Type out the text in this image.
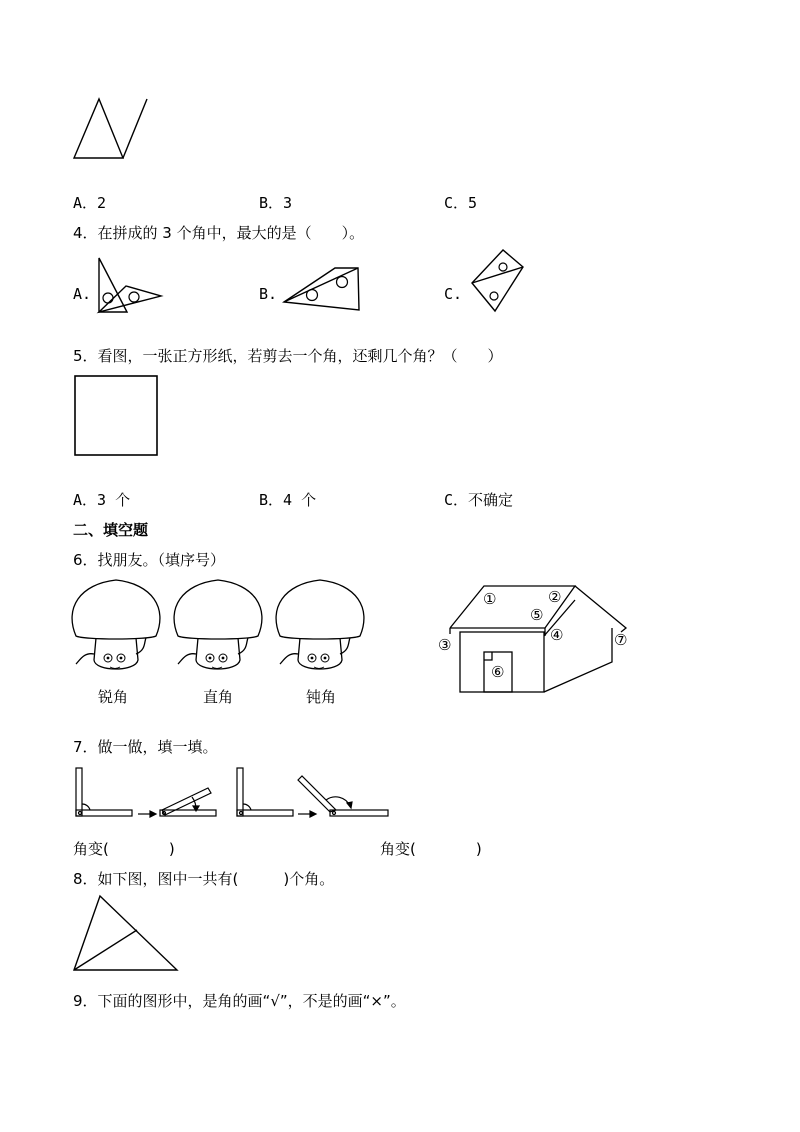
A．2	B．3	C．5
4．在拼成的 3 个角中，最大的是（　　）。
A.	B.	C.
5．看图，一张正方形纸，若剪去一个角，还剩几个角？（　　）
A．3 个	B．4 个	C．不确定
二、填空题
6．找朋友。（填序号）
锐角	直角	钝角
①	②
③
④
⑤
⑥
⑦
7．做一做，填一填。
角变(　　　　)	角变(　　　　)
8．如下图，图中一共有(　　　)个角。
9．下面的图形中，是角的画“√”，不是的画“×”。
